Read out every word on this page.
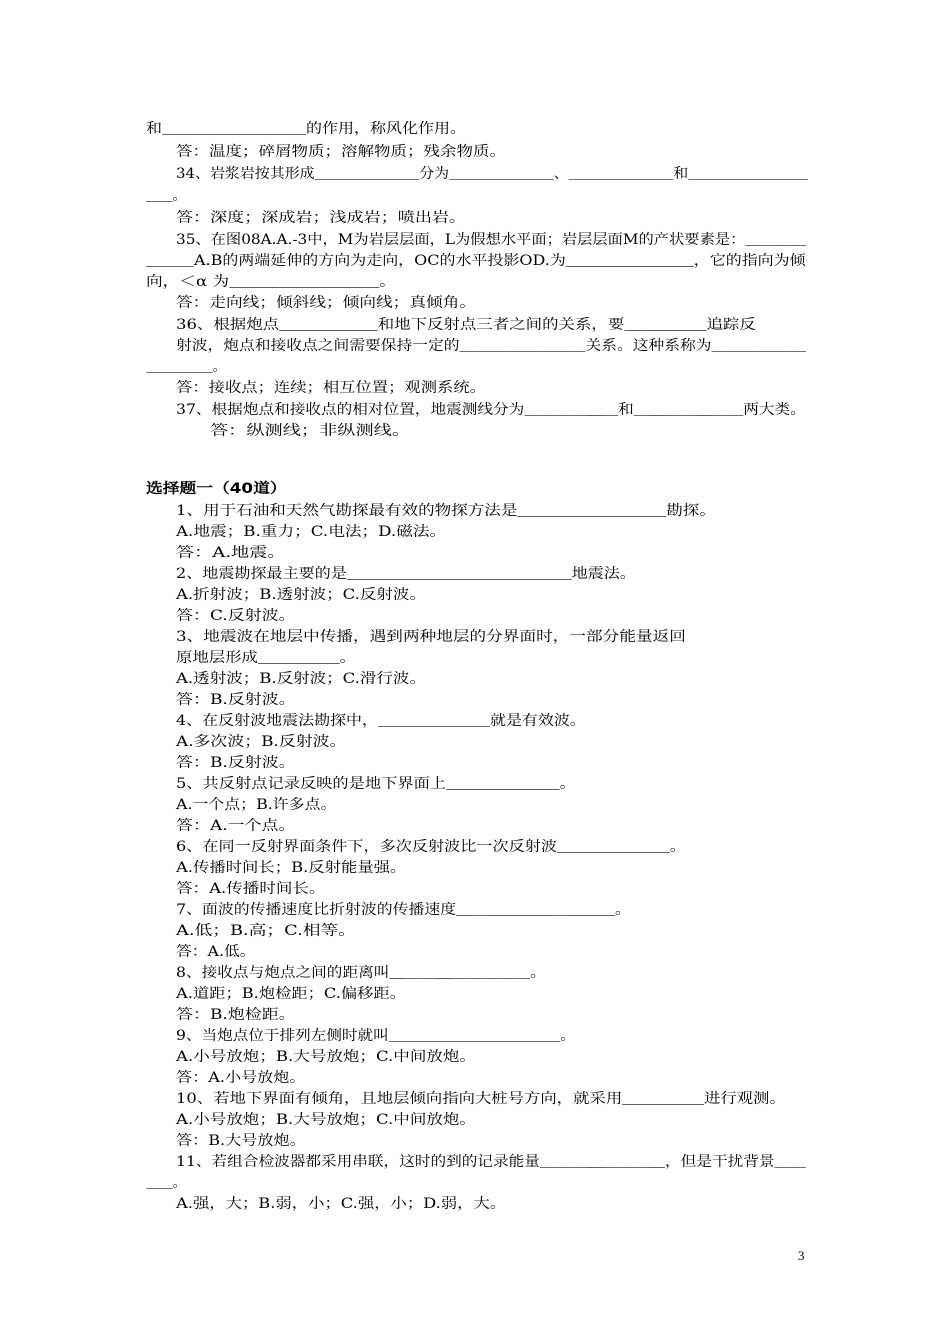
和＿＿＿＿＿＿＿＿＿的作用，称风化作用。
答：温度；碎屑物质；溶解物质；残余物质。
34、岩浆岩按其形成＿＿＿＿＿＿＿分为＿＿＿＿＿＿＿、＿＿＿＿＿＿＿和＿＿＿＿＿＿＿＿
＿＿。
答：深度；深成岩；浅成岩；喷出岩。
35、在图08A.A.-3中，M为岩层层面，L为假想水平面；岩层层面M的产状要素是：＿＿＿＿
＿＿＿A.B的两端延伸的方向为走向，OC的水平投影OD.为＿＿＿＿＿＿＿＿，它的指向为倾
向，＜α 为＿＿＿＿＿＿＿＿＿。
答：走向线；倾斜线；倾向线；真倾角。
36、根据炮点＿＿＿＿＿＿和地下反射点三者之间的关系，要＿＿＿＿＿追踪反
射波，炮点和接收点之间需要保持一定的＿＿＿＿＿＿＿＿关系。这种系称为＿＿＿＿＿＿
＿＿＿＿＿。
答：接收点；连续；相互位置；观测系统。
37、根据炮点和接收点的相对位置，地震测线分为＿＿＿＿＿＿和＿＿＿＿＿＿＿两大类。
答：纵测线；非纵测线。
选择题一（40道）
1、用于石油和天然气勘探最有效的物探方法是＿＿＿＿＿＿＿＿＿勘探。
A.地震；B.重力；C.电法；D.磁法。
答：A.地震。
2、地震勘探最主要的是＿＿＿＿＿＿＿＿＿＿＿＿＿＿地震法。
A.折射波；B.透射波；C.反射波。
答：C.反射波。
3、地震波在地层中传播，遇到两种地层的分界面时，一部分能量返回
原地层形成＿＿＿＿＿。
A.透射波；B.反射波；C.滑行波。
答：B.反射波。
4、在反射波地震法勘探中，＿＿＿＿＿＿＿就是有效波。
A.多次波；B.反射波。
答：B.反射波。
5、共反射点记录反映的是地下界面上＿＿＿＿＿＿＿。
A.一个点；B.许多点。
答：A.一个点。
6、在同一反射界面条件下，多次反射波比一次反射波＿＿＿＿＿＿＿。
A.传播时间长；B.反射能量强。
答：A.传播时间长。
7、面波的传播速度比折射波的传播速度＿＿＿＿＿＿＿＿＿＿。
A.低；B.高；C.相等。
答：A.低。
8、接收点与炮点之间的距离叫＿＿＿＿＿＿＿＿＿。
A.道距；B.炮检距；C.偏移距。
答：B.炮检距。
9、当炮点位于排列左侧时就叫＿＿＿＿＿＿＿＿＿＿＿。
A.小号放炮；B.大号放炮；C.中间放炮。
答：A.小号放炮。
10、若地下界面有倾角，且地层倾向指向大桩号方向，就采用＿＿＿＿＿进行观测。
A.小号放炮；B.大号放炮；C.中间放炮。
答：B.大号放炮。
11、若组合检波器都采用串联，这时的到的记录能量＿＿＿＿＿＿＿＿，但是干扰背景＿＿
＿＿。
A.强，大；B.弱，小；C.强，小；D.弱，大。
3
